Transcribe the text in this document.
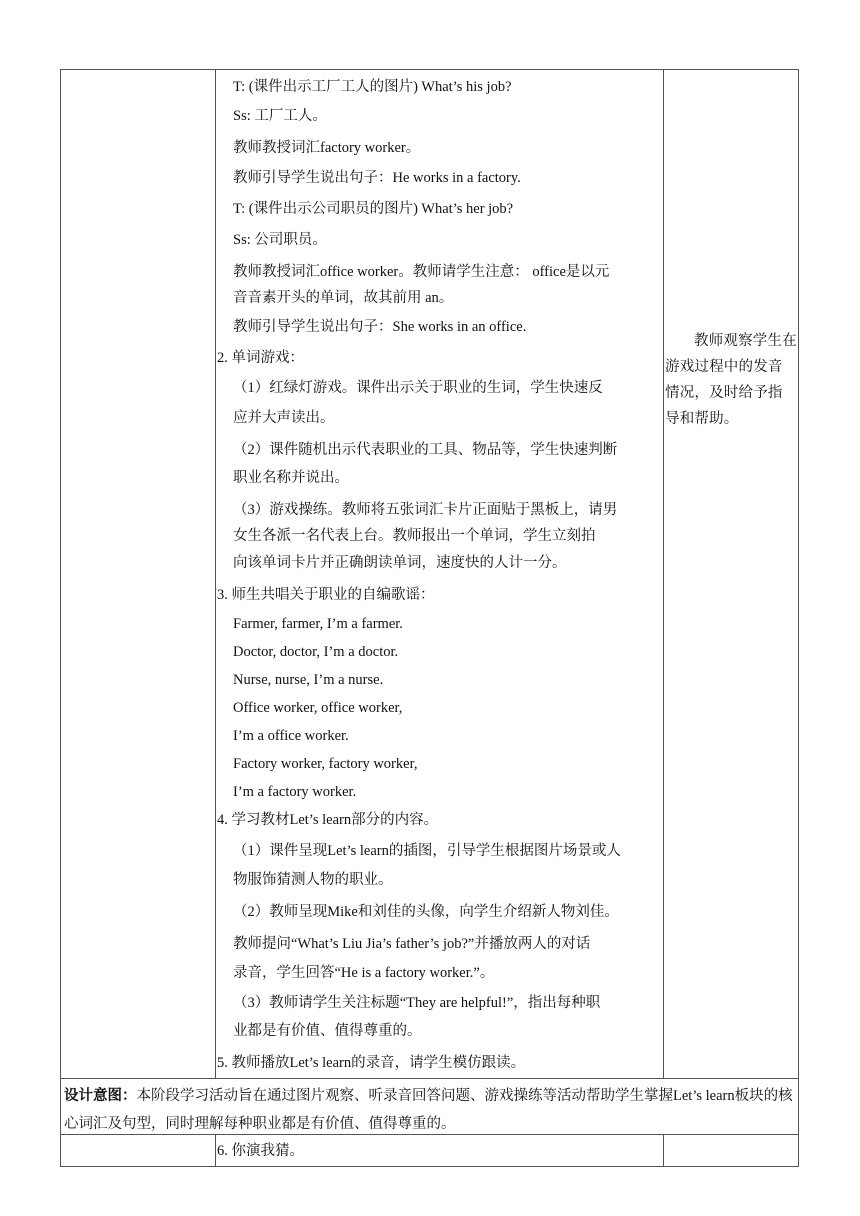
T: (课件出示工厂工人的图片) What’s his job?
Ss: 工厂工人。
教师教授词汇factory worker。
教师引导学生说出句子：He works in a factory.
T: (课件出示公司职员的图片) What’s her job?
Ss: 公司职员。
教师教授词汇office worker。教师请学生注意： office是以元
音音素开头的单词，故其前用 an。
教师引导学生说出句子：She works in an office.
2. 单词游戏：
（1）红绿灯游戏。课件出示关于职业的生词，学生快速反
应并大声读出。
（2）课件随机出示代表职业的工具、物品等，学生快速判断
职业名称并说出。
（3）游戏操练。教师将五张词汇卡片正面贴于黑板上，请男
女生各派一名代表上台。教师报出一个单词，学生立刻拍
向该单词卡片并正确朗读单词，速度快的人计一分。
3. 师生共唱关于职业的自编歌谣：
Farmer, farmer, I’m a farmer.
Doctor, doctor, I’m a doctor.
Nurse, nurse, I’m a nurse.
Office worker, office worker,
I’m a office worker.
Factory worker, factory worker,
I’m a factory worker.
4. 学习教材Let’s learn部分的内容。
（1）课件呈现Let’s learn的插图，引导学生根据图片场景或人
物服饰猜测人物的职业。
（2）教师呈现Mike和刘佳的头像，向学生介绍新人物刘佳。
教师提问“What’s Liu Jia’s father’s job?”并播放两人的对话
录音，学生回答“He is a factory worker.”。
（3）教师请学生关注标题“They are helpful!”，指出每种职
业都是有价值、值得尊重的。
5. 教师播放Let’s learn的录音，请学生模仿跟读。
教师观察学生在游戏过程中的发音情况，及时给予指导和帮助。
设计意图：本阶段学习活动旨在通过图片观察、听录音回答问题、游戏操练等活动帮助学生掌握Let’s learn板块的核心词汇及句型，同时理解每种职业都是有价值、值得尊重的。
6. 你演我猜。
